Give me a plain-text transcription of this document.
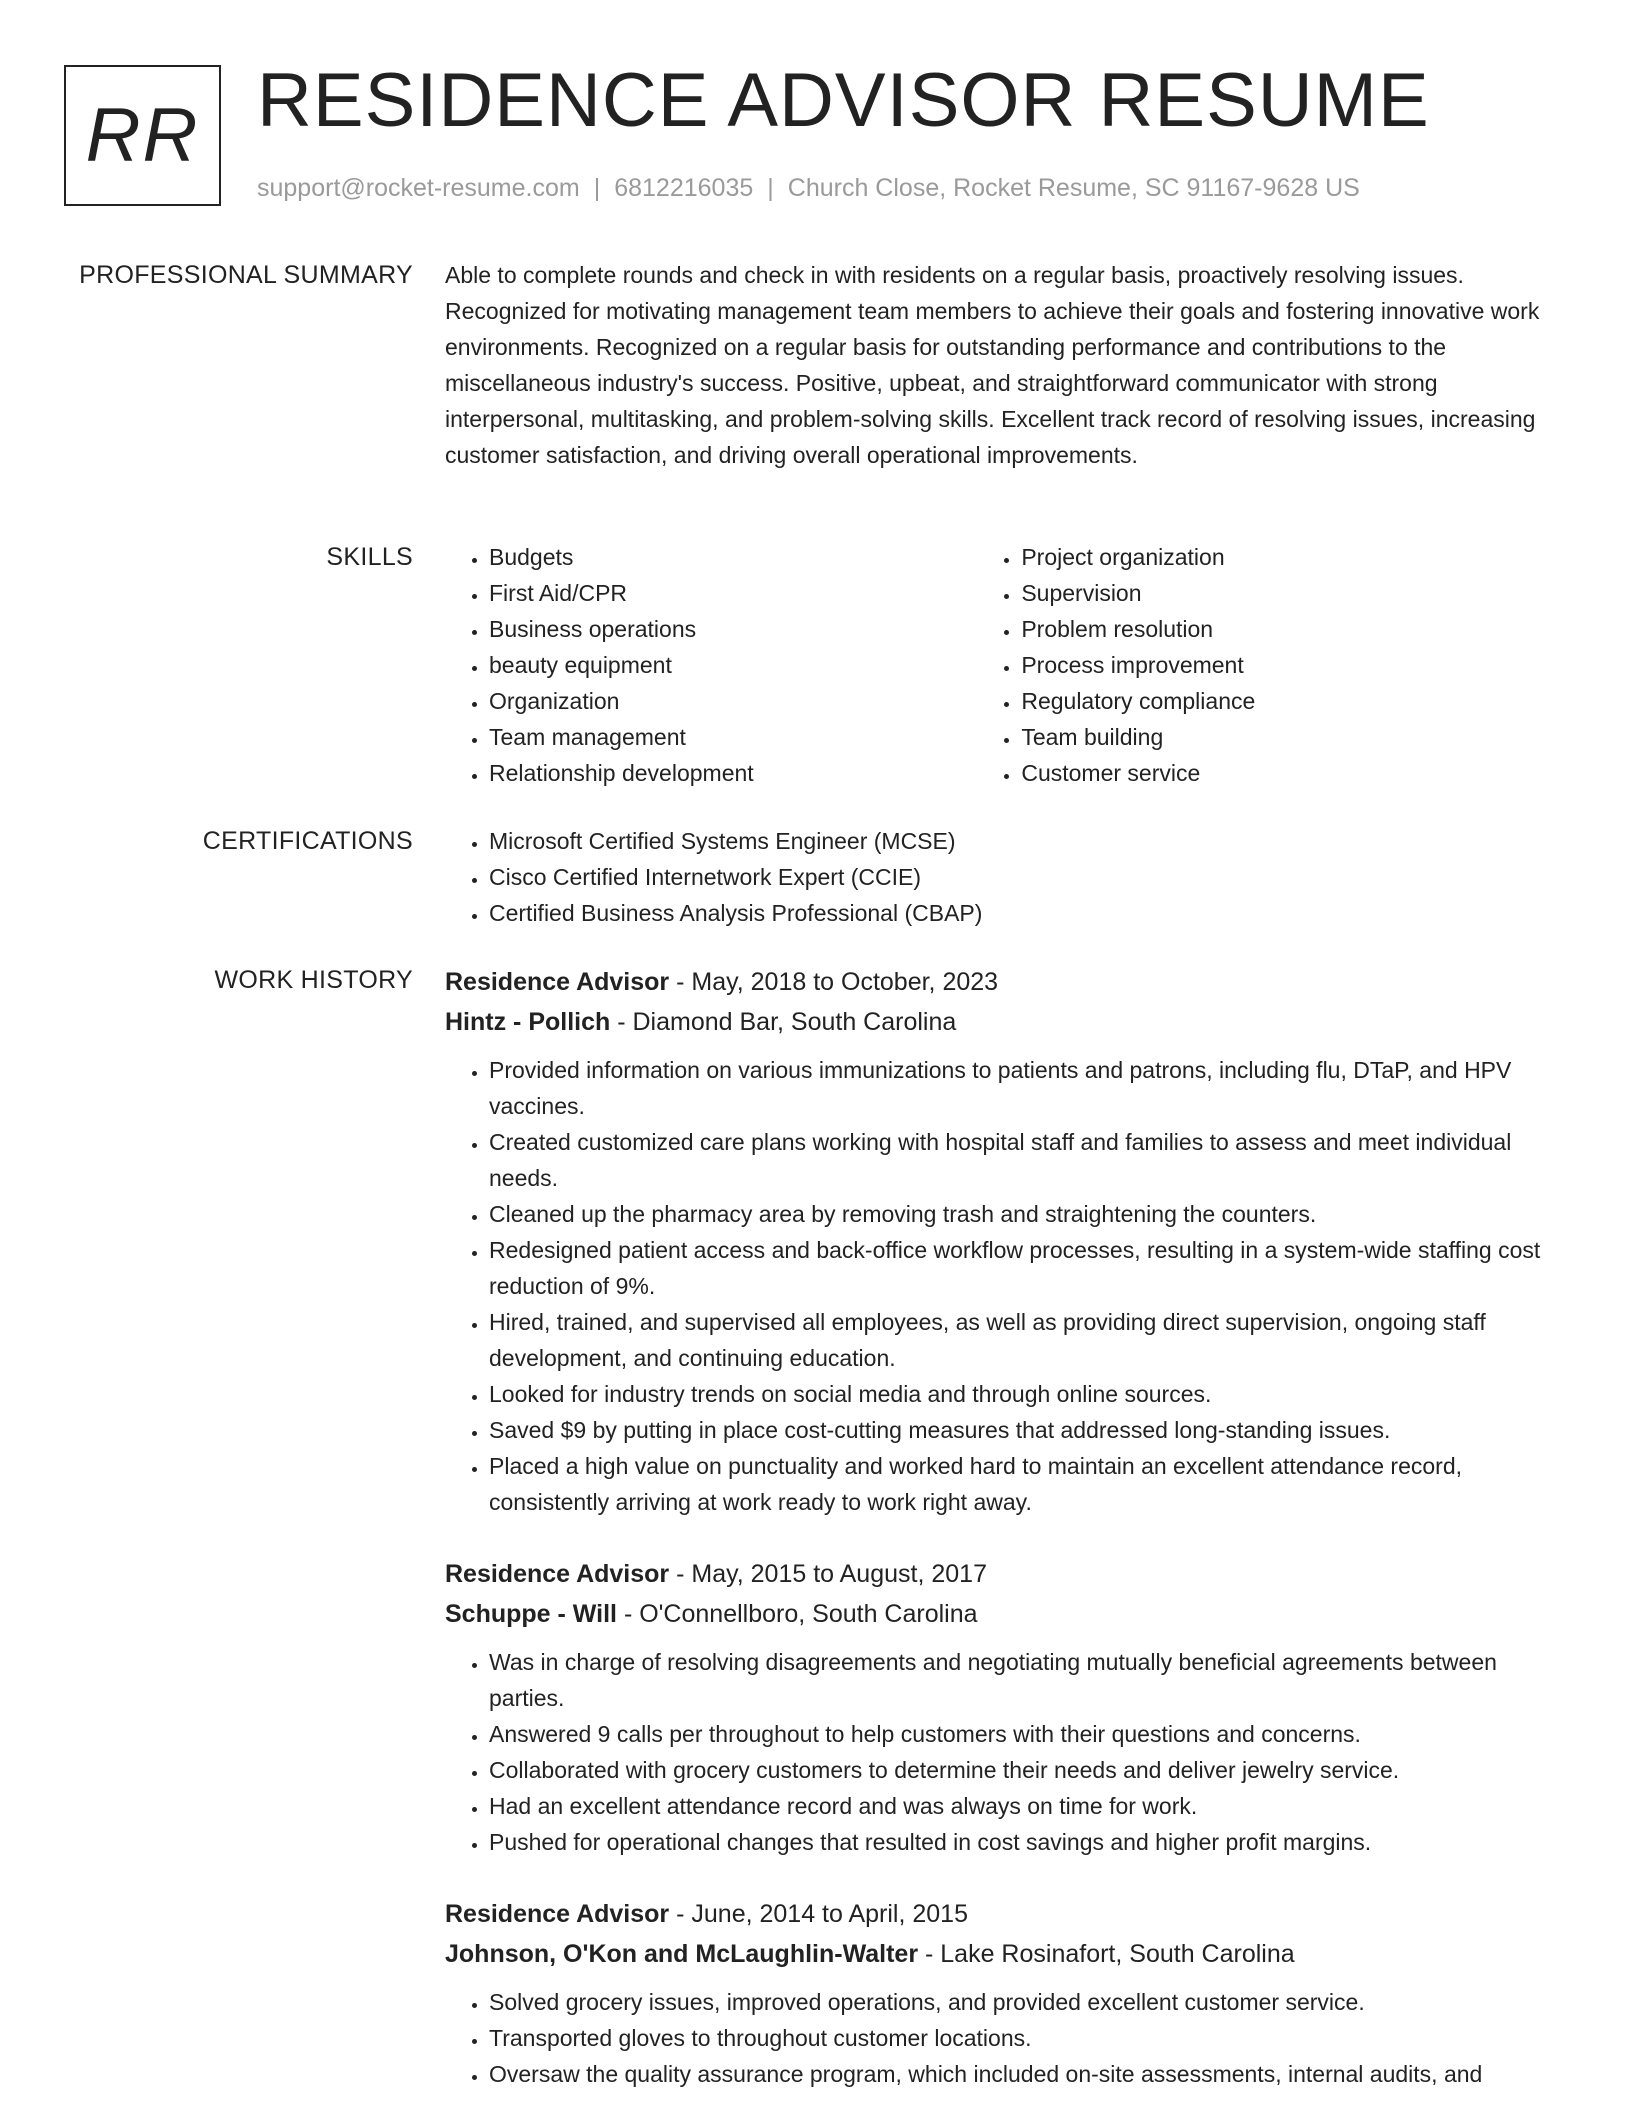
RR RESIDENCE ADVISOR RESUME
support@rocket-resume.com | 6812216035 | Church Close, Rocket Resume, SC 91167-9628 US
PROFESSIONAL SUMMARY Able to complete rounds and check in with residents on a regular basis, proactively resolving issues. Recognized for motivating management team members to achieve their goals and fostering innovative work environments. Recognized on a regular basis for outstanding performance and contributions to the miscellaneous industry's success. Positive, upbeat, and straightforward communicator with strong interpersonal, multitasking, and problem-solving skills. Excellent track record of resolving issues, increasing customer satisfaction, and driving overall operational improvements.
SKILLS	• Budgets
• First Aid/CPR
• Business operations
• beauty equipment
• Organization
• Team management
• Relationship development
• Project organization
• Supervision
• Problem resolution
• Process improvement
• Regulatory compliance
• Team building
• Customer service
CERTIFICATIONS	• Microsoft Certified Systems Engineer (MCSE)
• Cisco Certified Internetwork Expert (CCIE)
• Certified Business Analysis Professional (CBAP)
WORK HISTORY Residence Advisor - May, 2018 to October, 2023
Hintz - Pollich - Diamond Bar, South Carolina
• Provided information on various immunizations to patients and patrons, including flu, DTaP, and HPV vaccines.
• Created customized care plans working with hospital staff and families to assess and meet individual needs.
• Cleaned up the pharmacy area by removing trash and straightening the counters.
• Redesigned patient access and back-office workflow processes, resulting in a system-wide staffing cost reduction of 9%.
• Hired, trained, and supervised all employees, as well as providing direct supervision, ongoing staff development, and continuing education.
• Looked for industry trends on social media and through online sources.
• Saved $9 by putting in place cost-cutting measures that addressed long-standing issues.
• Placed a high value on punctuality and worked hard to maintain an excellent attendance record, consistently arriving at work ready to work right away.
Residence Advisor - May, 2015 to August, 2017
Schuppe - Will - O'Connellboro, South Carolina
• Was in charge of resolving disagreements and negotiating mutually beneficial agreements between parties.
• Answered 9 calls per throughout to help customers with their questions and concerns.
• Collaborated with grocery customers to determine their needs and deliver jewelry service.
• Had an excellent attendance record and was always on time for work.
• Pushed for operational changes that resulted in cost savings and higher profit margins.
Residence Advisor - June, 2014 to April, 2015
Johnson, O'Kon and McLaughlin-Walter - Lake Rosinafort, South Carolina
• Solved grocery issues, improved operations, and provided excellent customer service.
• Transported gloves to throughout customer locations.
• Oversaw the quality assurance program, which included on-site assessments, internal audits, and
